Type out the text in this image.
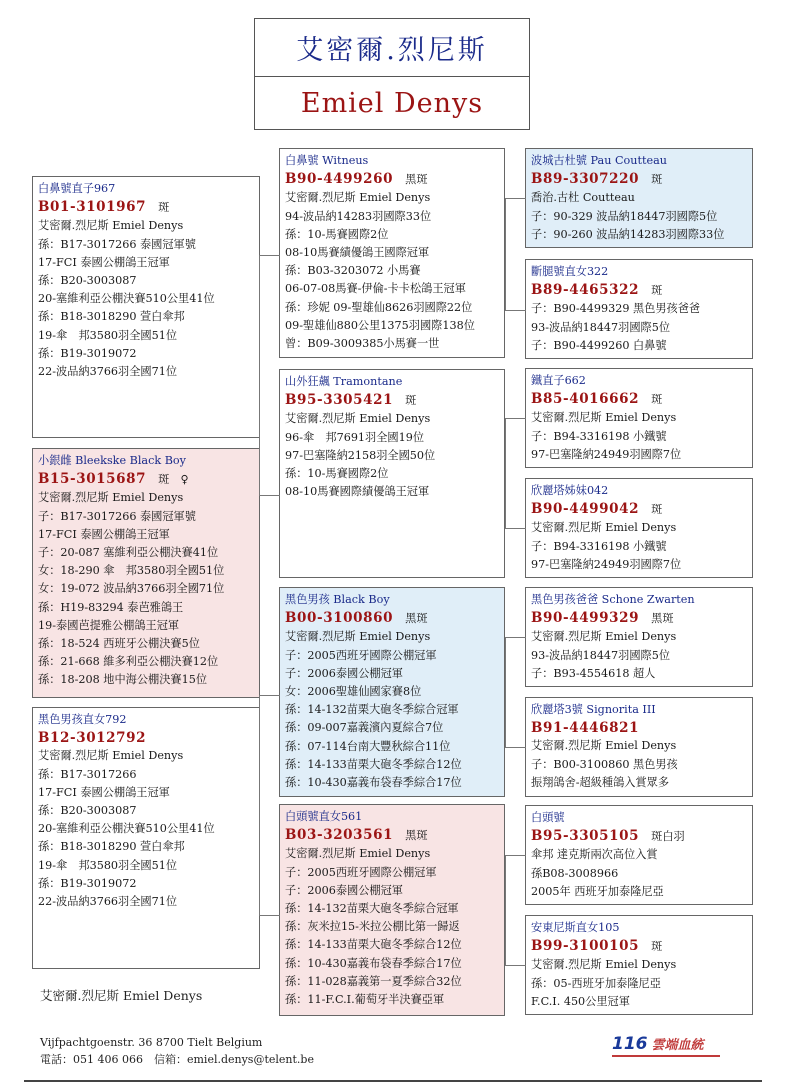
艾密爾.烈尼斯
Emiel Denys
白鼻號直子967
B01-3101967 斑
艾密爾.烈尼斯 Emiel Denys
孫：B17-3017266 泰國冠軍號
17-FCI 泰國公棚鴿王冠軍
孫：B20-3003087
20-塞維利亞公棚決賽510公里41位
孫：B18-3018290 萱白傘邦
19-傘　邦3580羽全國51位
孫：B19-3019072
22-波品納3766羽全國71位
小銀雌 Bleekske Black Boy
B15-3015687 斑　♀
艾密爾.烈尼斯 Emiel Denys
子：B17-3017266 泰國冠軍號
17-FCI 泰國公棚鴿王冠軍
子：20-087 塞維利亞公棚決賽41位
女：18-290 傘　邦3580羽全國51位
女：19-072 波品納3766羽全國71位
孫：H19-83294 泰芭雅鴿王
19-泰國芭提雅公棚鴿王冠軍
孫：18-524 西班牙公棚決賽5位
孫：21-668 維多利亞公棚決賽12位
孫：18-208 地中海公棚決賽15位
黑色男孩直女792
B12-3012792
艾密爾.烈尼斯 Emiel Denys
孫：B17-3017266
17-FCI 泰國公棚鴿王冠軍
孫：B20-3003087
20-塞維利亞公棚決賽510公里41位
孫：B18-3018290 萱白傘邦
19-傘　邦3580羽全國51位
孫：B19-3019072
22-波品納3766羽全國71位
白鼻號 Witneus
B90-4499260 黑斑
艾密爾.烈尼斯 Emiel Denys
94-波品納14283羽國際33位
孫：10-馬賽國際2位
08-10馬賽績優鴿王國際冠軍
孫：B03-3203072 小馬賽
06-07-08馬賽-伊倫-卡卡松鴿王冠軍
孫：珍妮 09-聖雄仙8626羽國際22位
09-聖雄仙880公里1375羽國際138位
曾：B09-3009385小馬賽一世
山外狂飆 Tramontane
B95-3305421 斑
艾密爾.烈尼斯 Emiel Denys
96-傘　邦7691羽全國19位
97-巴塞隆納2158羽全國50位
孫：10-馬賽國際2位
08-10馬賽國際績優鴿王冠軍
黑色男孩 Black Boy
B00-3100860 黑斑
艾密爾.烈尼斯 Emiel Denys
子：2005西班牙國際公棚冠軍
子：2006泰國公棚冠軍
女：2006聖雄仙國家賽8位
孫：14-132苗栗大砲冬季綜合冠軍
孫：09-007嘉義濱內夏綜合7位
孫：07-114台南大豐秋綜合11位
孫：14-133苗栗大砲冬季綜合12位
孫：10-430嘉義布袋春季綜合17位
白頭號直女561
B03-3203561 黑斑
艾密爾.烈尼斯 Emiel Denys
子：2005西班牙國際公棚冠軍
子：2006泰國公棚冠軍
孫：14-132苗栗大砲冬季綜合冠軍
孫：灰米拉15-米拉公棚比第一歸返
孫：14-133苗栗大砲冬季綜合12位
孫：10-430嘉義布袋春季綜合17位
孫：11-028嘉義第一夏季綜合32位
孫：11-F.C.I.葡萄牙半決賽亞軍
波城古杜號 Pau Coutteau
B89-3307220 斑
喬治.古杜 Coutteau
子：90-329 波品納18447羽國際5位
子：90-260 波品納14283羽國際33位
斷腿號直女322
B89-4465322 斑
子：B90-4499329 黑色男孩爸爸
93-波品納18447羽國際5位
子：B90-4499260 白鼻號
鐵直子662
B85-4016662 斑
艾密爾.烈尼斯 Emiel Denys
子：B94-3316198 小鐵號
97-巴塞隆納24949羽國際7位
欣麗塔姊妹042
B90-4499042 斑
艾密爾.烈尼斯 Emiel Denys
子：B94-3316198 小鐵號
97-巴塞隆納24949羽國際7位
黑色男孩爸爸 Schone Zwarten
B90-4499329 黑斑
艾密爾.烈尼斯 Emiel Denys
93-波品納18447羽國際5位
子：B93-4554618 超人
欣麗塔3號 Signorita III
B91-4446821
艾密爾.烈尼斯 Emiel Denys
子：B00-3100860 黑色男孩
振翔鴿舍-超級種鴿入賞眾多
白頭號
B95-3305105 斑白羽
傘邦 達克斯兩次高位入賞
孫B08-3008966
2005年 西班牙加泰隆尼亞
安東尼斯直女105
B99-3100105 斑
艾密爾.烈尼斯 Emiel Denys
孫：05-西班牙加泰隆尼亞
F.C.I. 450公里冠軍
艾密爾.烈尼斯 Emiel Denys
Vijfpachtgoenstr. 36 8700 Tielt Belgium
電話：051 406 066　信箱：emiel.denys@telent.be
116 雲端血統
